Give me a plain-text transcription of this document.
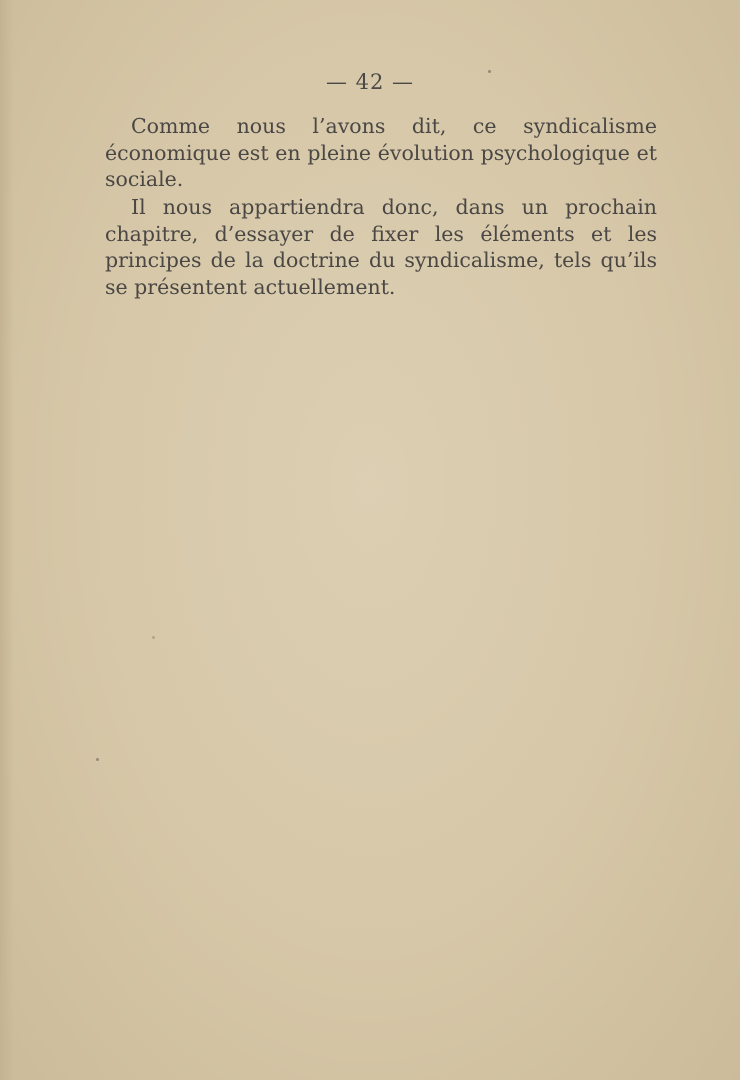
— 42 —

Comme nous l’avons dit, ce syndicalisme économique est en pleine évolution psychologique et sociale.

Il nous appartiendra donc, dans un prochain chapitre, d’essayer de fixer les éléments et les principes de la doctrine du syndicalisme, tels qu’ils se présentent actuellement.
